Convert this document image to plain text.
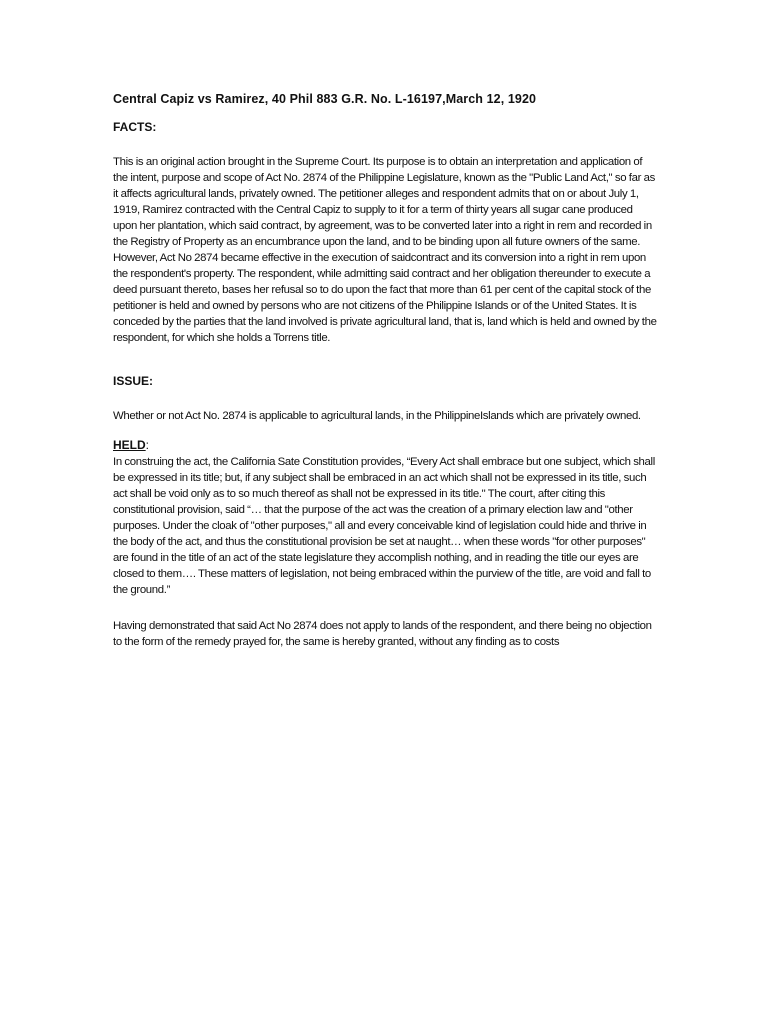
Central Capiz vs Ramirez, 40 Phil 883 G.R. No. L-16197,March 12, 1920
FACTS:

This is an original action brought in the Supreme Court. Its purpose is to obtain an interpretation and application of the intent, purpose and scope of Act No. 2874 of the Philippine Legislature, known as the "Public Land Act," so far as it affects agricultural lands, privately owned. The petitioner alleges and respondent admits that on or about July 1, 1919, Ramirez contracted with the Central Capiz to supply to it for a term of thirty years all sugar cane produced upon her plantation, which said contract, by agreement, was to be converted later into a right in rem and recorded in the Registry of Property as an encumbrance upon the land, and to be binding upon all future owners of the same. However, Act No 2874 became effective in the execution of saidcontract and its conversion into a right in rem upon the respondent's property. The respondent, while admitting said contract and her obligation thereunder to execute a deed pursuant thereto, bases her refusal so to do upon the fact that more than 61 per cent of the capital stock of the petitioner is held and owned by persons who are not citizens of the Philippine Islands or of the United States. It is conceded by the parties that the land involved is private agricultural land, that is, land which is held and owned by the respondent, for which she holds a Torrens title.

ISSUE:

Whether or not Act No. 2874 is applicable to agricultural lands, in the PhilippineIslands which are privately owned.

HELD:

In construing the act, the California Sate Constitution provides, “Every Act shall embrace but one subject, which shall be expressed in its title; but, if any subject shall be embraced in an act which shall not be expressed in its title, such act shall be void only as to so much thereof as shall not be expressed in its title." The court, after citing this constitutional provision, said “… that the purpose of the act was the creation of a primary election law and "other purposes. Under the cloak of "other purposes," all and every conceivable kind of legislation could hide and thrive in the body of the act, and thus the constitutional provision be set at naught… when these words "for other purposes" are found in the title of an act of the state legislature they accomplish nothing, and in reading the title our eyes are closed to them…. These matters of legislation, not being embraced within the purview of the title, are void and fall to the ground.”

Having demonstrated that said Act No 2874 does not apply to lands of the respondent, and there being no objection to the form of the remedy prayed for, the same is hereby granted, without any finding as to costs
